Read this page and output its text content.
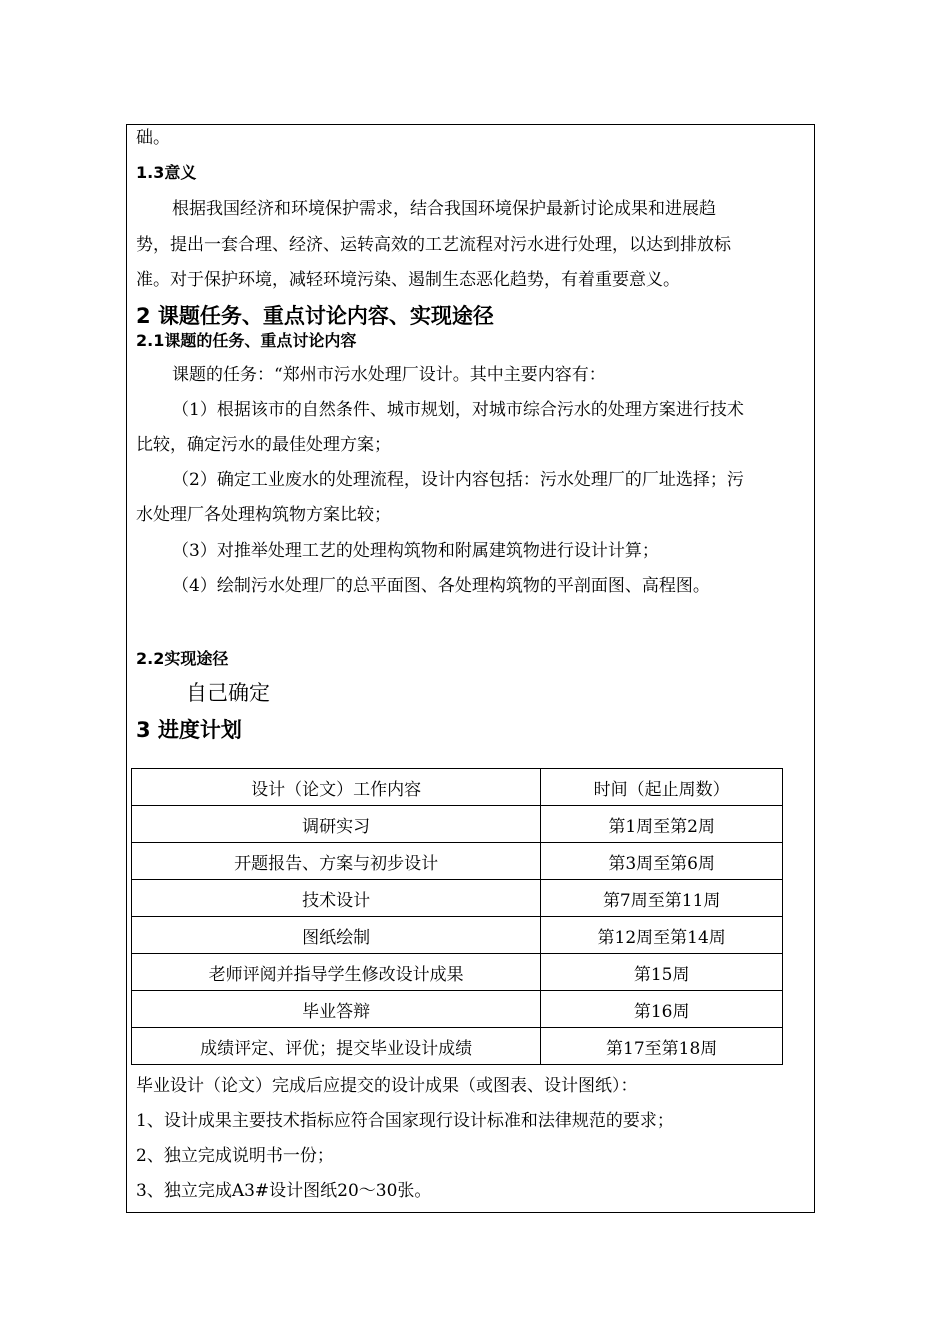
础。
1.3意义
根据我国经济和环境保护需求，结合我国环境保护最新讨论成果和进展趋
势，提出一套合理、经济、运转高效的工艺流程对污水进行处理，以达到排放标
准。对于保护环境，减轻环境污染、遏制生态恶化趋势，有着重要意义。
2 课题任务、重点讨论内容、实现途径
2.1课题的任务、重点讨论内容
课题的任务：“郑州市污水处理厂设计。其中主要内容有：
（1）根据该市的自然条件、城市规划，对城市综合污水的处理方案进行技术
比较，确定污水的最佳处理方案；
（2）确定工业废水的处理流程，设计内容包括：污水处理厂的厂址选择；污
水处理厂各处理构筑物方案比较；
（3）对推举处理工艺的处理构筑物和附属建筑物进行设计计算；
（4）绘制污水处理厂的总平面图、各处理构筑物的平剖面图、高程图。
2.2实现途径
自己确定
3 进度计划
设计（论文）工作内容	时间（起止周数）
调研实习	第1周至第2周
开题报告、方案与初步设计	第3周至第6周
技术设计	第7周至第11周
图纸绘制	第12周至第14周
老师评阅并指导学生修改设计成果	第15周
毕业答辩	第16周
成绩评定、评优；提交毕业设计成绩	第17至第18周
毕业设计（论文）完成后应提交的设计成果（或图表、设计图纸）：
1、设计成果主要技术指标应符合国家现行设计标准和法律规范的要求；
2、独立完成说明书一份；
3、独立完成A3#设计图纸20～30张。
